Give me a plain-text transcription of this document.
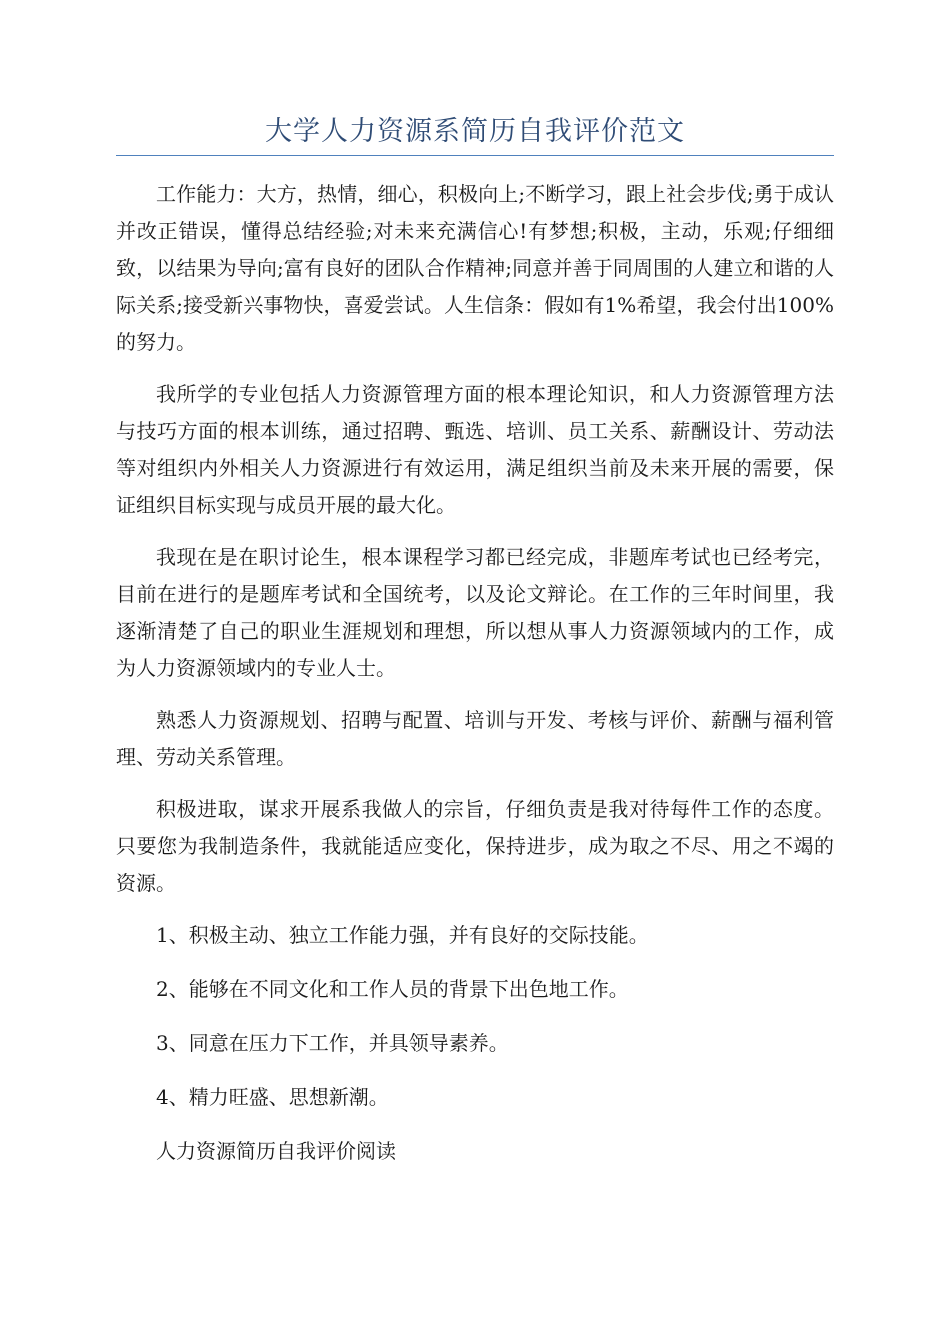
大学人力资源系简历自我评价范文

工作能力：大方，热情，细心，积极向上;不断学习，跟上社会步伐;勇于成认并改正错误，懂得总结经验;对未来充满信心!有梦想;积极，主动，乐观;仔细细致，以结果为导向;富有良好的团队合作精神;同意并善于同周围的人建立和谐的人际关系;接受新兴事物快，喜爱尝试。人生信条：假如有1%希望，我会付出100%的努力。

我所学的专业包括人力资源管理方面的根本理论知识，和人力资源管理方法与技巧方面的根本训练，通过招聘、甄选、培训、员工关系、薪酬设计、劳动法等对组织内外相关人力资源进行有效运用，满足组织当前及未来开展的需要，保证组织目标实现与成员开展的最大化。

我现在是在职讨论生，根本课程学习都已经完成，非题库考试也已经考完，目前在进行的是题库考试和全国统考，以及论文辩论。在工作的三年时间里，我逐渐清楚了自己的职业生涯规划和理想，所以想从事人力资源领域内的工作，成为人力资源领域内的专业人士。

熟悉人力资源规划、招聘与配置、培训与开发、考核与评价、薪酬与福利管理、劳动关系管理。

积极进取，谋求开展系我做人的宗旨，仔细负责是我对待每件工作的态度。只要您为我制造条件，我就能适应变化，保持进步，成为取之不尽、用之不竭的资源。

1、积极主动、独立工作能力强，并有良好的交际技能。

2、能够在不同文化和工作人员的背景下出色地工作。

3、同意在压力下工作，并具领导素养。

4、精力旺盛、思想新潮。

人力资源简历自我评价阅读
